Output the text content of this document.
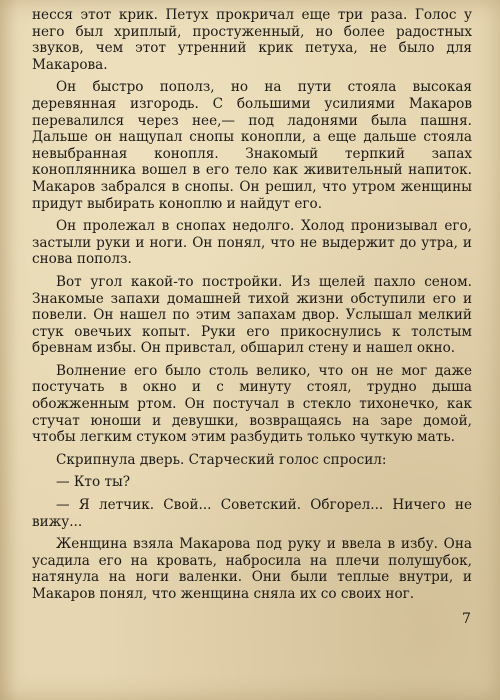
несся этот крик. Петух прокричал еще три раза. Голос у него был хриплый, простуженный, но более радостных звуков, чем этот утренний крик петуха, не было для Макарова.

Он быстро пополз, но на пути стояла высокая деревянная изгородь. С большими усилиями Макаров перевалился через нее,— под ладонями была пашня. Дальше он нащупал снопы конопли, а еще дальше стояла невыбранная конопля. Знакомый терпкий запах коноплянника вошел в его тело как живительный напиток. Макаров забрался в снопы. Он решил, что утром женщины придут выбирать коноплю и найдут его.

Он пролежал в снопах недолго. Холод пронизывал его, застыли руки и ноги. Он понял, что не выдержит до утра, и снова пополз.

Вот угол какой-то постройки. Из щелей пахло сеном. Знакомые запахи домашней тихой жизни обступили его и повели. Он нашел по этим запахам двор. Услышал мелкий стук овечьих копыт. Руки его прикоснулись к толстым бревнам избы. Он привстал, обшарил стену и нашел окно.

Волнение его было столь велико, что он не мог даже постучать в окно и с минуту стоял, трудно дыша обожженным ртом. Он постучал в стекло тихонечко, как стучат юноши и девушки, возвращаясь на заре домой, чтобы легким стуком этим разбудить только чуткую мать.

Скрипнула дверь. Старческий голос спросил:

— Кто ты?

— Я летчик. Свой... Советский. Обгорел... Ничего не вижу...

Женщина взяла Макарова под руку и ввела в избу. Она усадила его на кровать, набросила на плечи полушубок, натянула на ноги валенки. Они были теплые внутри, и Макаров понял, что женщина сняла их со своих ног.

7
